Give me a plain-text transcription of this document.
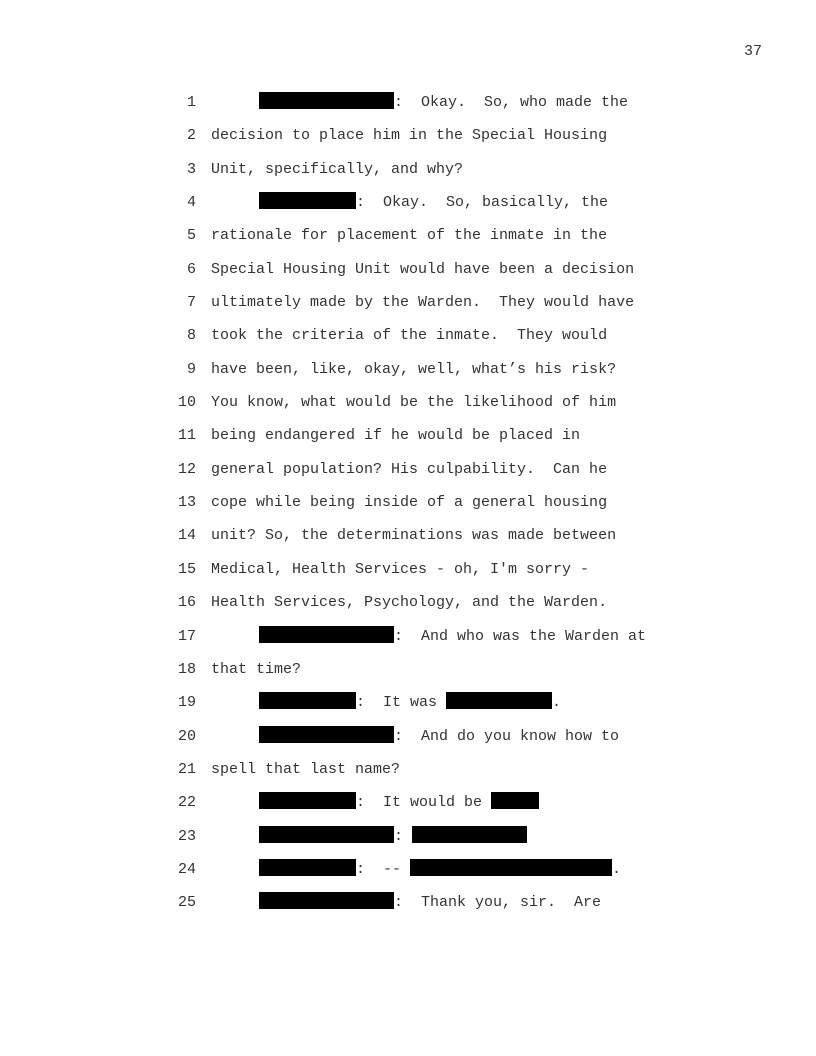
37
1	:  Okay.  So, who made the
2 decision to place him in the Special Housing
3 Unit, specifically, and why?
4	:  Okay.  So, basically, the
5 rationale for placement of the inmate in the
6 Special Housing Unit would have been a decision
7 ultimately made by the Warden.  They would have
8 took the criteria of the inmate.  They would
9 have been, like, okay, well, what’s his risk?
10 You know, what would be the likelihood of him
11 being endangered if he would be placed in
12 general population? His culpability.  Can he
13 cope while being inside of a general housing
14 unit? So, the determinations was made between
15 Medical, Health Services - oh, I'm sorry -
16 Health Services, Psychology, and the Warden.
17	:  And who was the Warden at
18 that time?
19	:  It was	.
20	:  And do you know how to
21 spell that last name?
22	:  It would be
23	:
24	:  --	.
25	:  Thank you, sir.  Are
